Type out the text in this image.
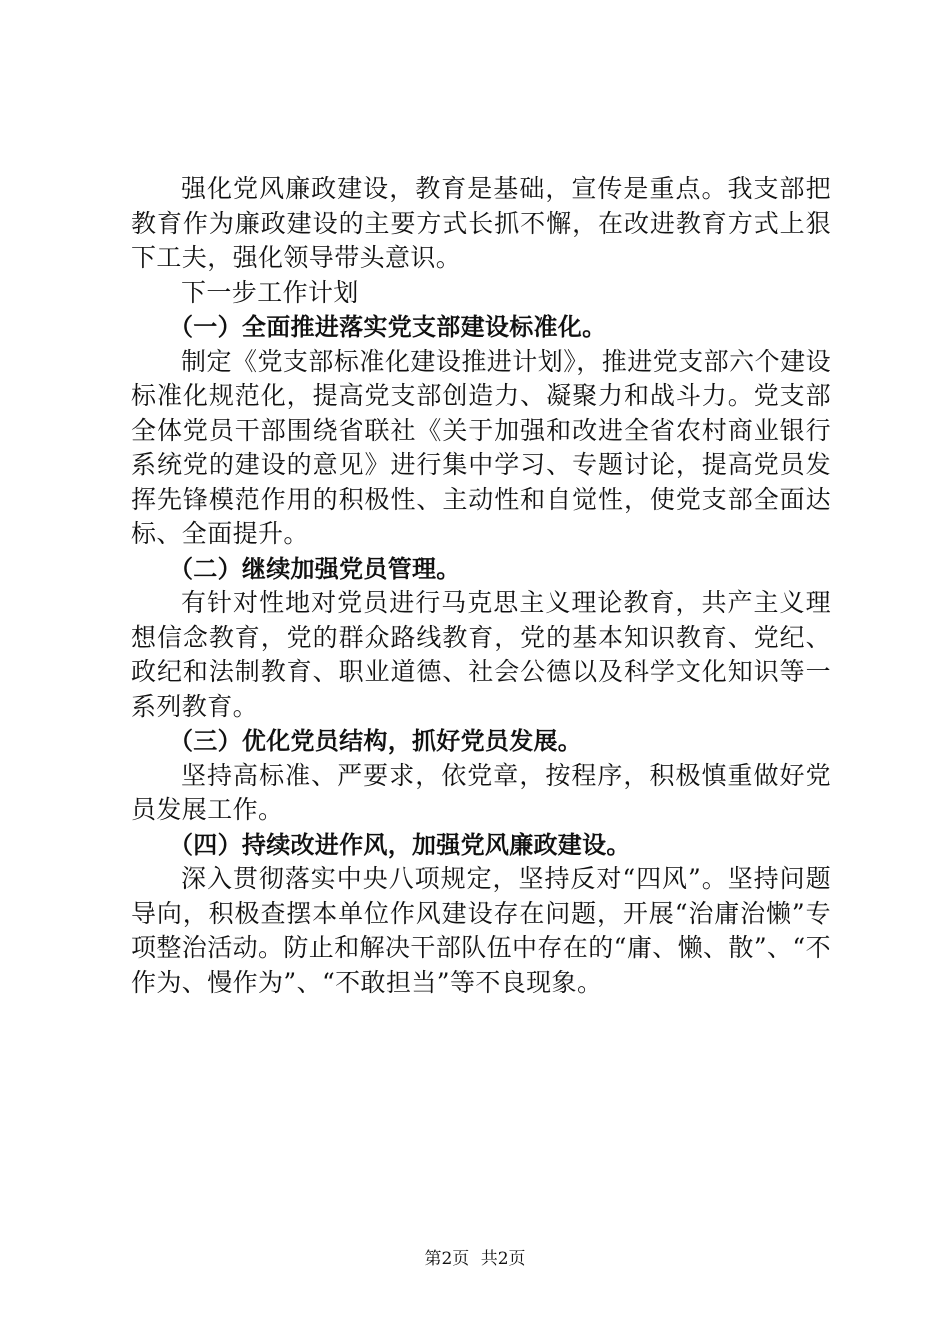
强化党风廉政建设，教育是基础，宣传是重点。我支部把教育作为廉政建设的主要方式长抓不懈，在改进教育方式上狠下工夫，强化领导带头意识。

下一步工作计划

（一）全面推进落实党支部建设标准化。

制定《党支部标准化建设推进计划》，推进党支部六个建设标准化规范化，提高党支部创造力、凝聚力和战斗力。党支部全体党员干部围绕省联社《关于加强和改进全省农村商业银行系统党的建设的意见》进行集中学习、专题讨论，提高党员发挥先锋模范作用的积极性、主动性和自觉性，使党支部全面达标、全面提升。

（二）继续加强党员管理。

有针对性地对党员进行马克思主义理论教育，共产主义理想信念教育，党的群众路线教育，党的基本知识教育、党纪、政纪和法制教育、职业道德、社会公德以及科学文化知识等一系列教育。

（三）优化党员结构，抓好党员发展。

坚持高标准、严要求，依党章，按程序，积极慎重做好党员发展工作。

（四）持续改进作风，加强党风廉政建设。

深入贯彻落实中央八项规定，坚持反对“四风”。坚持问题导向，积极查摆本单位作风建设存在问题，开展“治庸治懒”专项整治活动。防止和解决干部队伍中存在的“庸、懒、散”、“不作为、慢作为”、“不敢担当”等不良现象。

第2页 共2页
